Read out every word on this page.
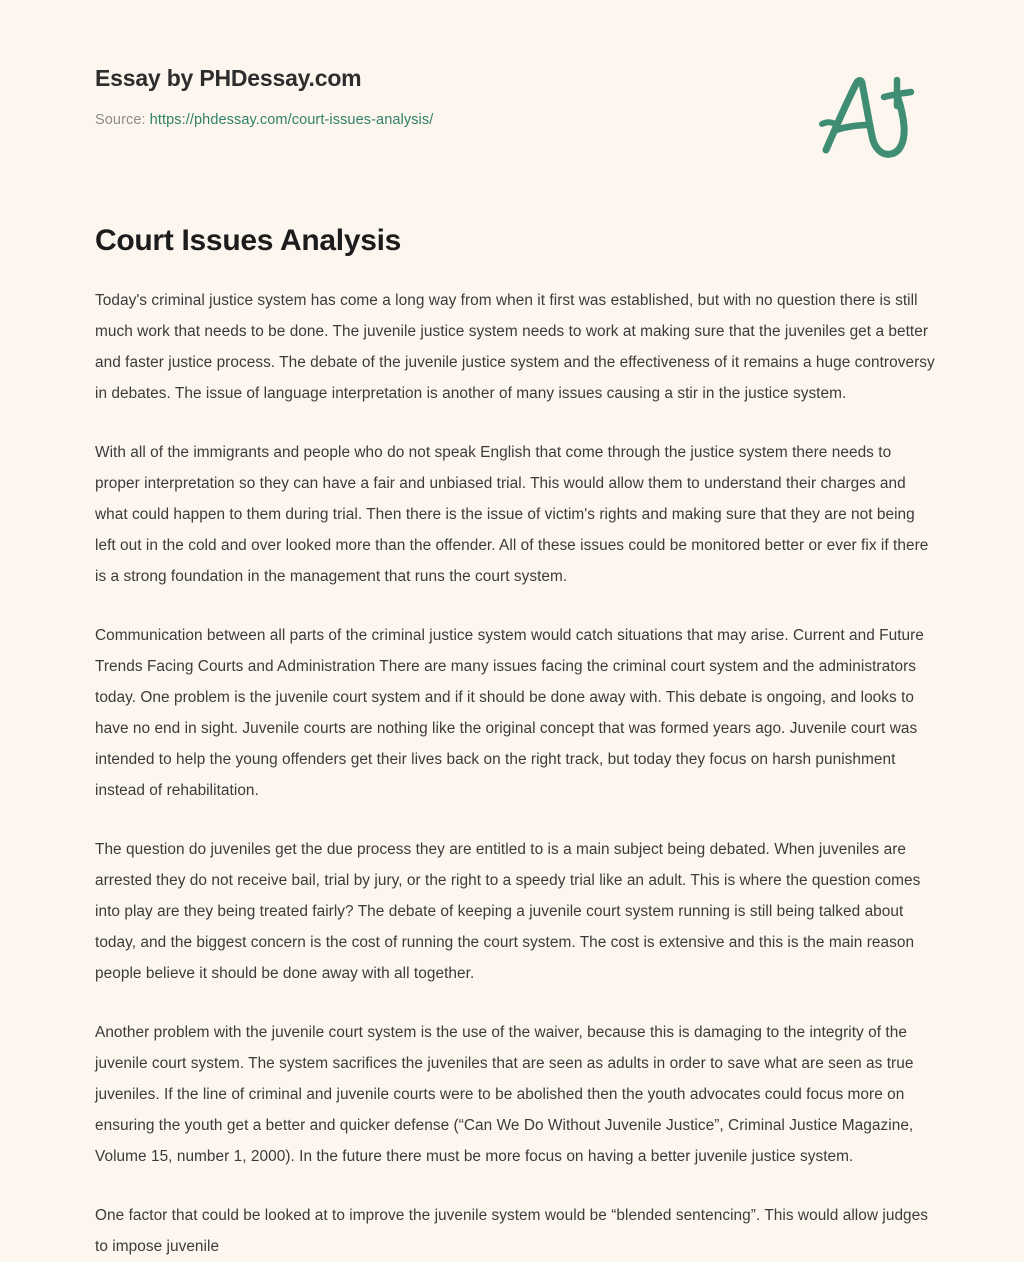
Essay by PHDessay.com
Source: https://phdessay.com/court-issues-analysis/
Court Issues Analysis

Today's criminal justice system has come a long way from when it first was established, but with no question there is still much work that needs to be done. The juvenile justice system needs to work at making sure that the juveniles get a better and faster justice process. The debate of the juvenile justice system and the effectiveness of it remains a huge controversy in debates. The issue of language interpretation is another of many issues causing a stir in the justice system.

With all of the immigrants and people who do not speak English that come through the justice system there needs to proper interpretation so they can have a fair and unbiased trial. This would allow them to understand their charges and what could happen to them during trial. Then there is the issue of victim's rights and making sure that they are not being left out in the cold and over looked more than the offender. All of these issues could be monitored better or ever fix if there is a strong foundation in the management that runs the court system.

Communication between all parts of the criminal justice system would catch situations that may arise. Current and Future Trends Facing Courts and Administration There are many issues facing the criminal court system and the administrators today. One problem is the juvenile court system and if it should be done away with. This debate is ongoing, and looks to have no end in sight. Juvenile courts are nothing like the original concept that was formed years ago. Juvenile court was intended to help the young offenders get their lives back on the right track, but today they focus on harsh punishment instead of rehabilitation.

The question do juveniles get the due process they are entitled to is a main subject being debated. When juveniles are arrested they do not receive bail, trial by jury, or the right to a speedy trial like an adult. This is where the question comes into play are they being treated fairly? The debate of keeping a juvenile court system running is still being talked about today, and the biggest concern is the cost of running the court system. The cost is extensive and this is the main reason people believe it should be done away with all together.

Another problem with the juvenile court system is the use of the waiver, because this is damaging to the integrity of the juvenile court system. The system sacrifices the juveniles that are seen as adults in order to save what are seen as true juveniles. If the line of criminal and juvenile courts were to be abolished then the youth advocates could focus more on ensuring the youth get a better and quicker defense (“Can We Do Without Juvenile Justice”, Criminal Justice Magazine, Volume 15, number 1, 2000). In the future there must be more focus on having a better juvenile justice system.

One factor that could be looked at to improve the juvenile system would be “blended sentencing”. This would allow judges to impose juvenile
